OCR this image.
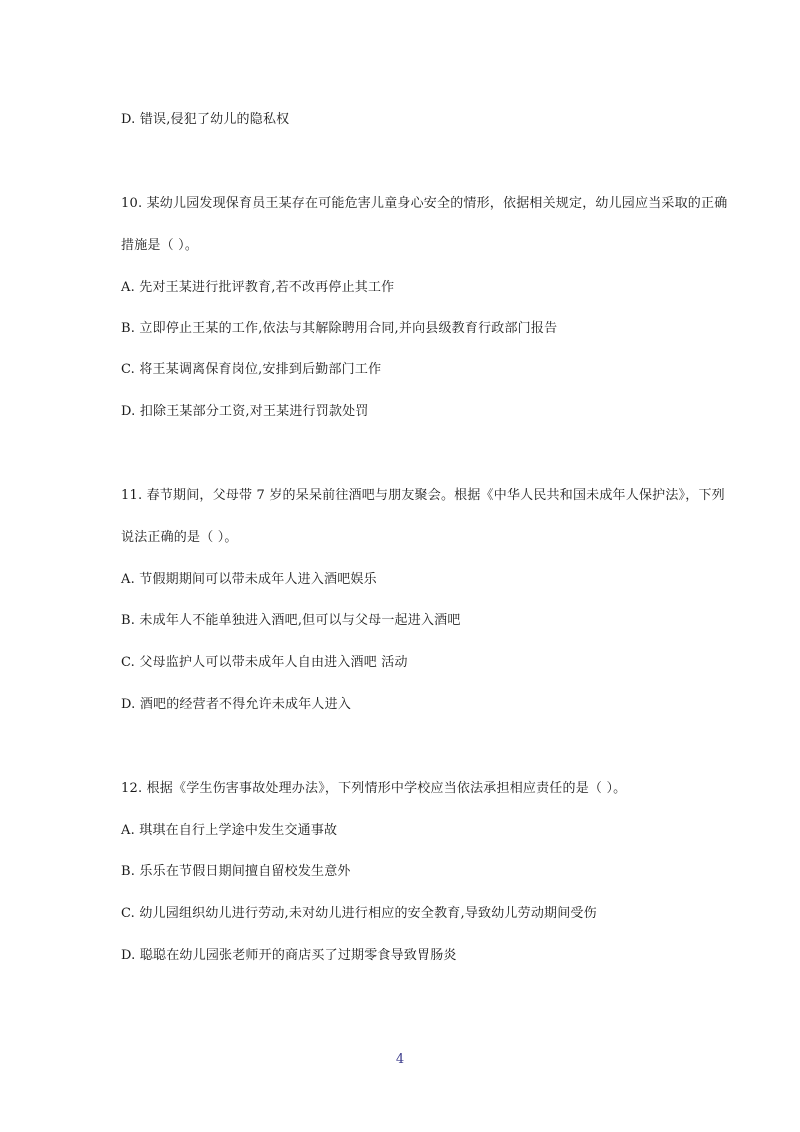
D. 错误,侵犯了幼儿的隐私权
10. 某幼儿园发现保育员王某存在可能危害儿童身心安全的情形，依据相关规定，幼儿园应当采取的正确
措施是（ ）。
A. 先对王某进行批评教育,若不改再停止其工作
B. 立即停止王某的工作,依法与其解除聘用合同,并向县级教育行政部门报告
C. 将王某调离保育岗位,安排到后勤部门工作
D. 扣除王某部分工资,对王某进行罚款处罚
11. 春节期间，父母带 7 岁的呆呆前往酒吧与朋友聚会。根据《中华人民共和国未成年人保护法》，下列
说法正确的是（ ）。
A. 节假期期间可以带未成年人进入酒吧娱乐
B. 未成年人不能单独进入酒吧,但可以与父母一起进入酒吧
C. 父母监护人可以带未成年人自由进入酒吧 活动
D. 酒吧的经营者不得允许未成年人进入
12. 根据《学生伤害事故处理办法》，下列情形中学校应当依法承担相应责任的是（ ）。
A. 琪琪在自行上学途中发生交通事故
B. 乐乐在节假日期间擅自留校发生意外
C. 幼儿园组织幼儿进行劳动,未对幼儿进行相应的安全教育,导致幼儿劳动期间受伤
D. 聪聪在幼儿园张老师开的商店买了过期零食导致胃肠炎
4
